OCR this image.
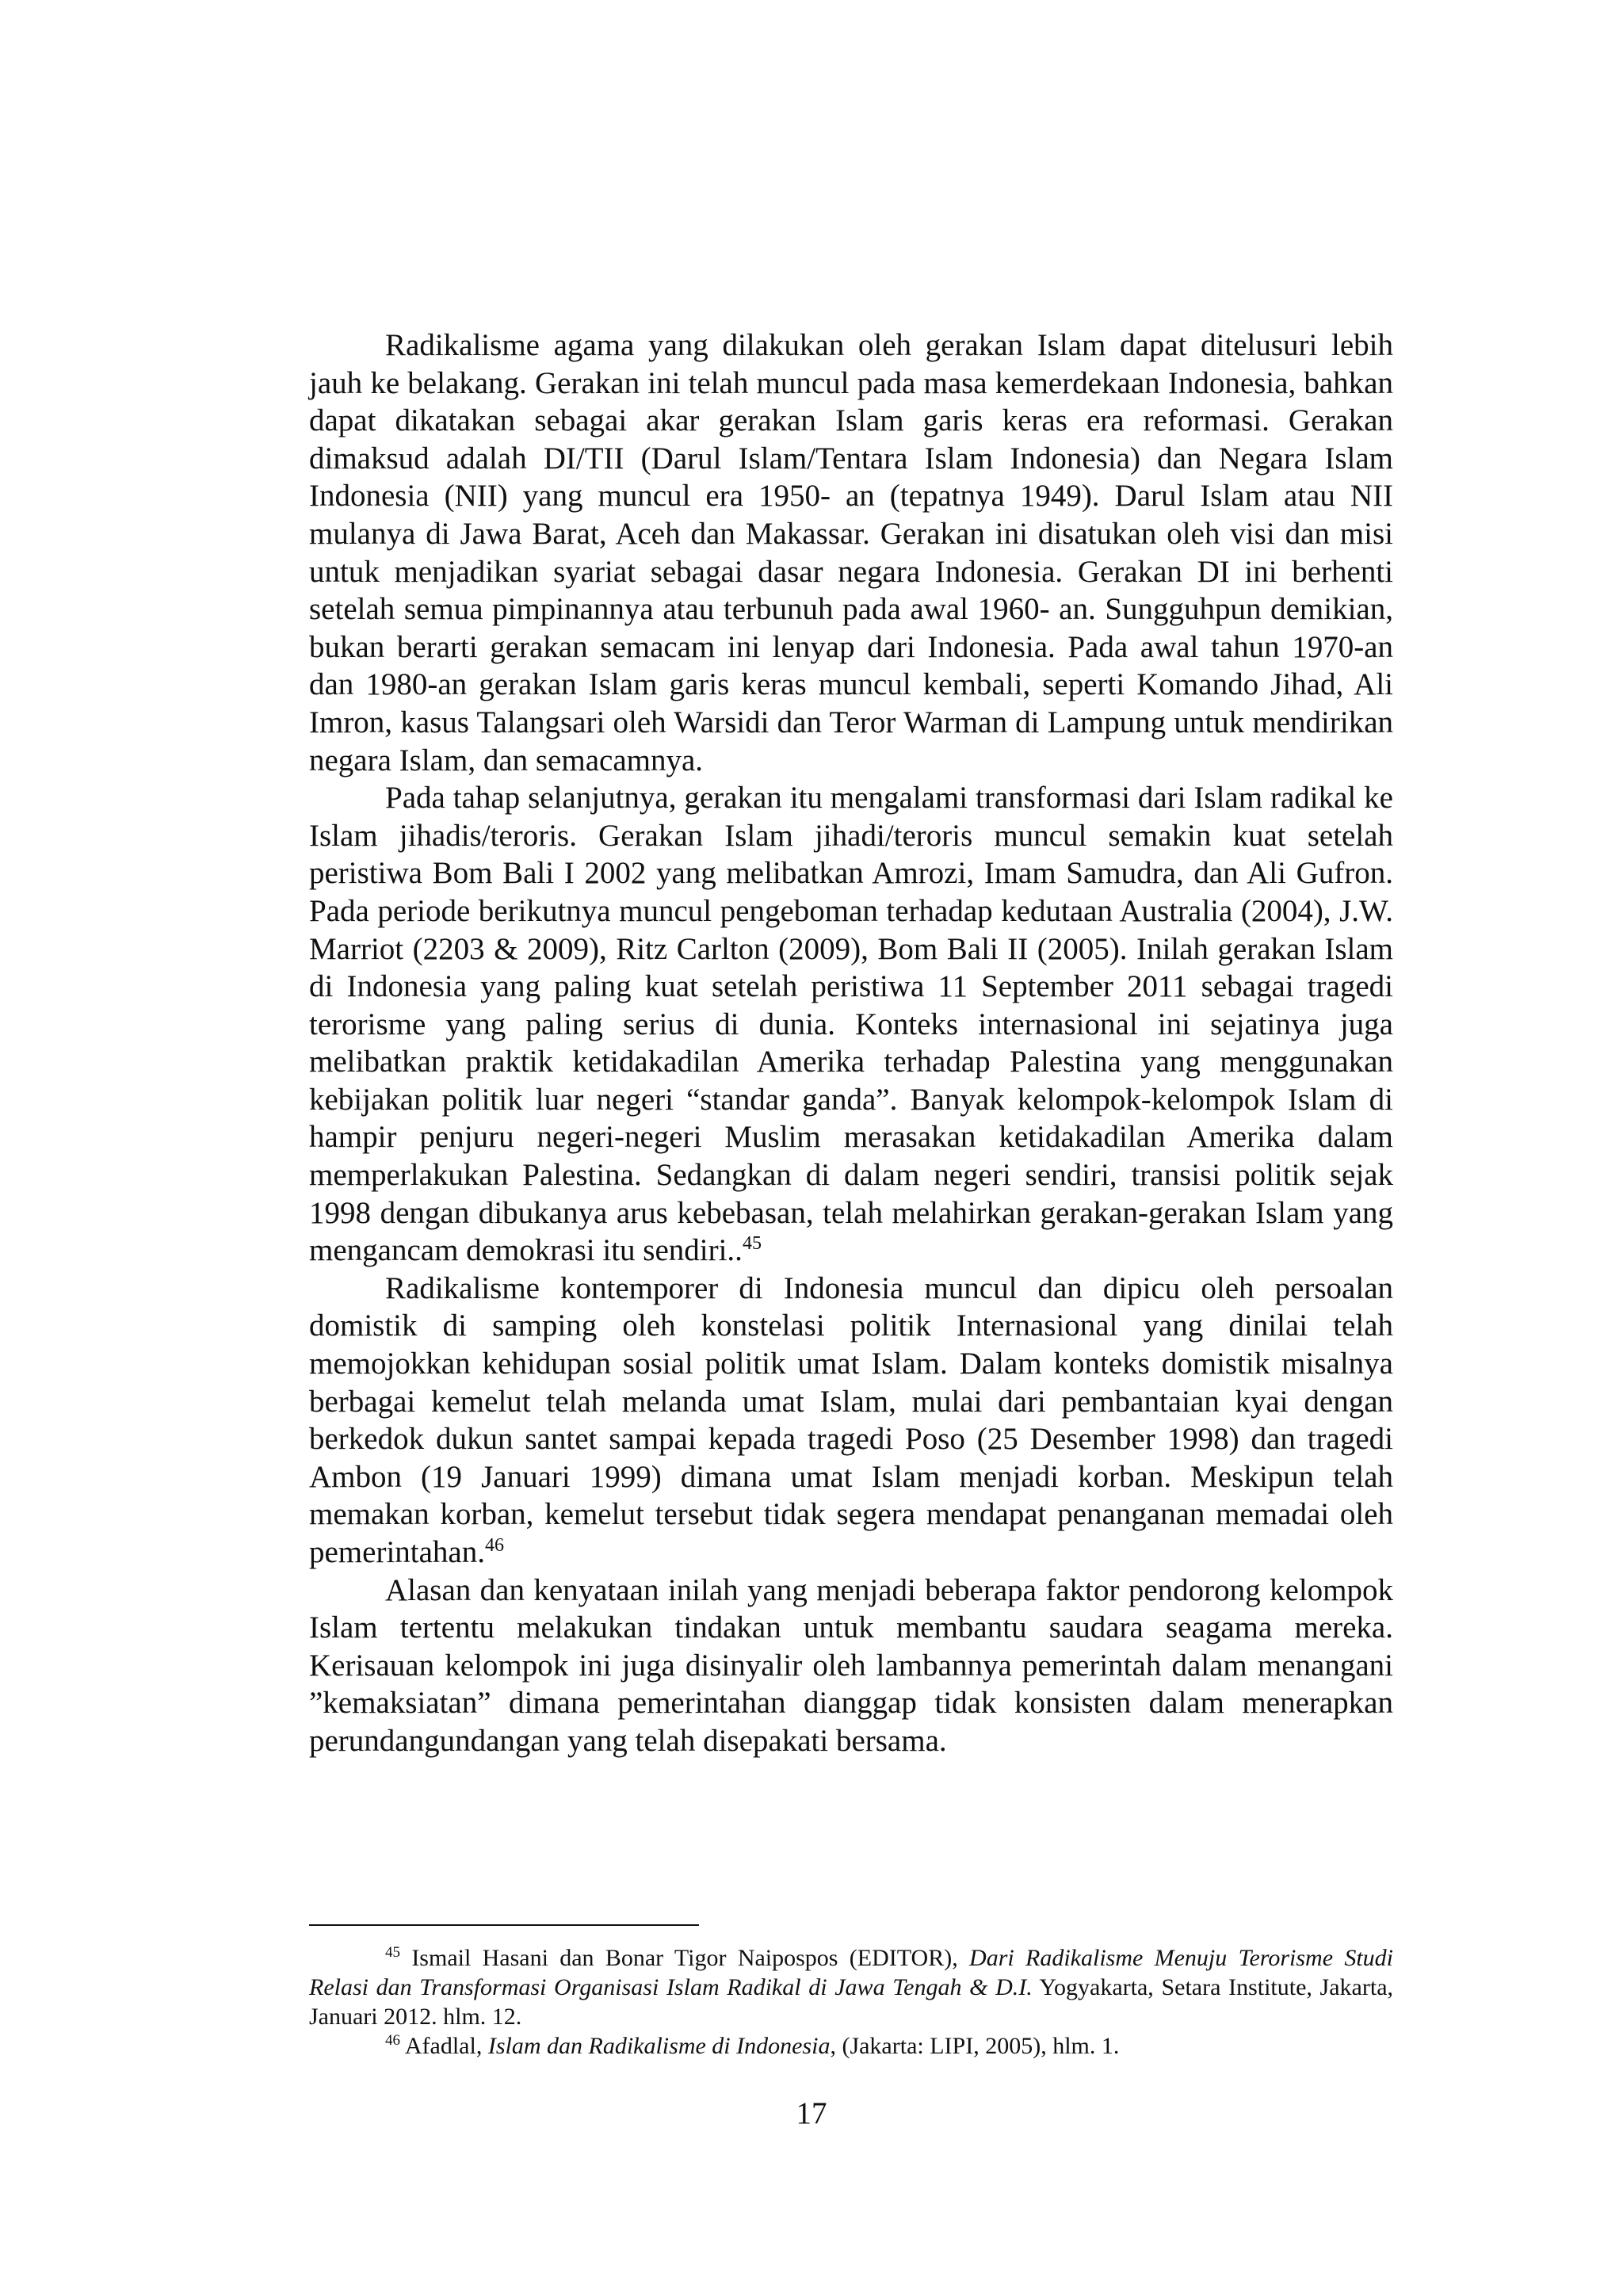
Radikalisme agama yang dilakukan oleh gerakan Islam dapat ditelusuri lebih jauh ke belakang. Gerakan ini telah muncul pada masa kemerdekaan Indonesia, bahkan dapat dikatakan sebagai akar gerakan Islam garis keras era reformasi. Gerakan dimaksud adalah DI/TII (Darul Islam/Tentara Islam Indonesia) dan Negara Islam Indonesia (NII) yang muncul era 1950- an (tepatnya 1949). Darul Islam atau NII mulanya di Jawa Barat, Aceh dan Makassar. Gerakan ini disatukan oleh visi dan misi untuk menjadikan syariat sebagai dasar negara Indonesia. Gerakan DI ini berhenti setelah semua pimpinannya atau terbunuh pada awal 1960- an. Sungguhpun demikian, bukan berarti gerakan semacam ini lenyap dari Indonesia. Pada awal tahun 1970-an dan 1980-an gerakan Islam garis keras muncul kembali, seperti Komando Jihad, Ali Imron, kasus Talangsari oleh Warsidi dan Teror Warman di Lampung untuk mendirikan negara Islam, dan semacamnya.

Pada tahap selanjutnya, gerakan itu mengalami transformasi dari Islam radikal ke Islam jihadis/teroris. Gerakan Islam jihadi/teroris muncul semakin kuat setelah peristiwa Bom Bali I 2002 yang melibatkan Amrozi, Imam Samudra, dan Ali Gufron. Pada periode berikutnya muncul pengeboman terhadap kedutaan Australia (2004), J.W. Marriot (2203 & 2009), Ritz Carlton (2009), Bom Bali II (2005). Inilah gerakan Islam di Indonesia yang paling kuat setelah peristiwa 11 September 2011 sebagai tragedi terorisme yang paling serius di dunia. Konteks internasional ini sejatinya juga melibatkan praktik ketidakadilan Amerika terhadap Palestina yang menggunakan kebijakan politik luar negeri “standar ganda”. Banyak kelompok-kelompok Islam di hampir penjuru negeri-negeri Muslim merasakan ketidakadilan Amerika dalam memperlakukan Palestina. Sedangkan di dalam negeri sendiri, transisi politik sejak 1998 dengan dibukanya arus kebebasan, telah melahirkan gerakan-gerakan Islam yang mengancam demokrasi itu sendiri..$^{45}$

Radikalisme kontemporer di Indonesia muncul dan dipicu oleh persoalan domistik di samping oleh konstelasi politik Internasional yang dinilai telah memojokkan kehidupan sosial politik umat Islam. Dalam konteks domistik misalnya berbagai kemelut telah melanda umat Islam, mulai dari pembantaian kyai dengan berkedok dukun santet sampai kepada tragedi Poso (25 Desember 1998) dan tragedi Ambon (19 Januari 1999) dimana umat Islam menjadi korban. Meskipun telah memakan korban, kemelut tersebut tidak segera mendapat penanganan memadai oleh pemerintahan.$^{46}$

Alasan dan kenyataan inilah yang menjadi beberapa faktor pendorong kelompok Islam tertentu melakukan tindakan untuk membantu saudara seagama mereka. Kerisauan kelompok ini juga disinyalir oleh lambannya pemerintah dalam menangani ”kemaksiatan” dimana pemerintahan dianggap tidak konsisten dalam menerapkan perundangundangan yang telah disepakati bersama.

$^{45}$ Ismail Hasani dan Bonar Tigor Naipospos (EDITOR), Dari Radikalisme Menuju Terorisme Studi Relasi dan Transformasi Organisasi Islam Radikal di Jawa Tengah & D.I. Yogyakarta, Setara Institute, Jakarta, Januari 2012. hlm. 12.

$^{46}$ Afadlal, Islam dan Radikalisme di Indonesia, (Jakarta: LIPI, 2005), hlm. 1.

17
